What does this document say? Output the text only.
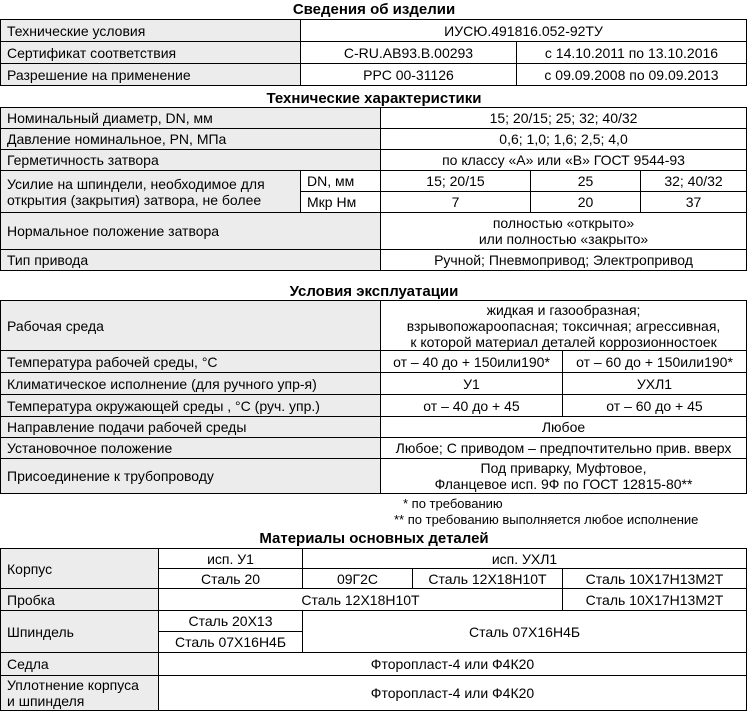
Сведения об изделии
Технические условия	ИУСЮ.491816.052-92ТУ	
Сертификат соответствия	C-RU.АВ93.В.00293	с 14.10.2011 по 13.10.2016
Разрешение на применение	РРС 00-31126	с 09.09.2008 по 09.09.2013
Технические характеристики
Номинальный диаметр, DN, мм		15; 20/15; 25; 32; 40/32		
Давление номинальное, PN, МПа		0,6; 1,0; 1,6; 2,5; 4,0		
Герметичность затвора		по классу «А» или «В» ГОСТ 9544-93		

Усилие на шпиндели, необходимое для
открытия (закрытия) затвора, не более	DN, мм	15; 20/15	25	32; 40/32
	Мкр Нм	7	20	37
Нормальное положение затвора		полностью «открыто»
или полностью «закрыто»		

Тип привода		Ручной; Пневмопривод; Электропривод		
Условия эксплуатации
Рабочая среда	жидкая и газообразная;
взрывопожароопасная; токсичная; агрессивная,
к которой материал деталей коррозионностоек	

Температура рабочей среды, °С	от – 40 до + 150или190*	от – 60 до + 150или190*
Климатическое исполнение (для ручного упр-я)	У1	УХЛ1
Температура окружающей среды , °С (руч. упр.)	от – 40 до + 45	от – 60 до + 45
Направление подачи рабочей среды	Любое	
Установочное положение	Любое; С приводом – предпочтительно прив. вверх	
Присоединение к трубопроводу	Под приварку, Муфтовое,
Фланцевое исп. 9Ф по ГОСТ 12815-80**	
* по требованию
** по требованию выполняется любое исполнение
Материалы основных деталей
Корпус	исп. У1	исп. УХЛ1		
	Сталь 20	09Г2С	Сталь 12Х18Н10Т	Сталь 10Х17Н13М2Т
Пробка	Сталь 12Х18Н10Т			Сталь 10Х17Н13М2Т
Шпиндель	Сталь 20Х13	Сталь 07Х16Н4Б		
	Сталь 07Х16Н4Б			
Седла	Фторопласт-4 или Ф4К20			

Уплотнение корпуса
и шпинделя	Фторопласт-4 или Ф4К20			
